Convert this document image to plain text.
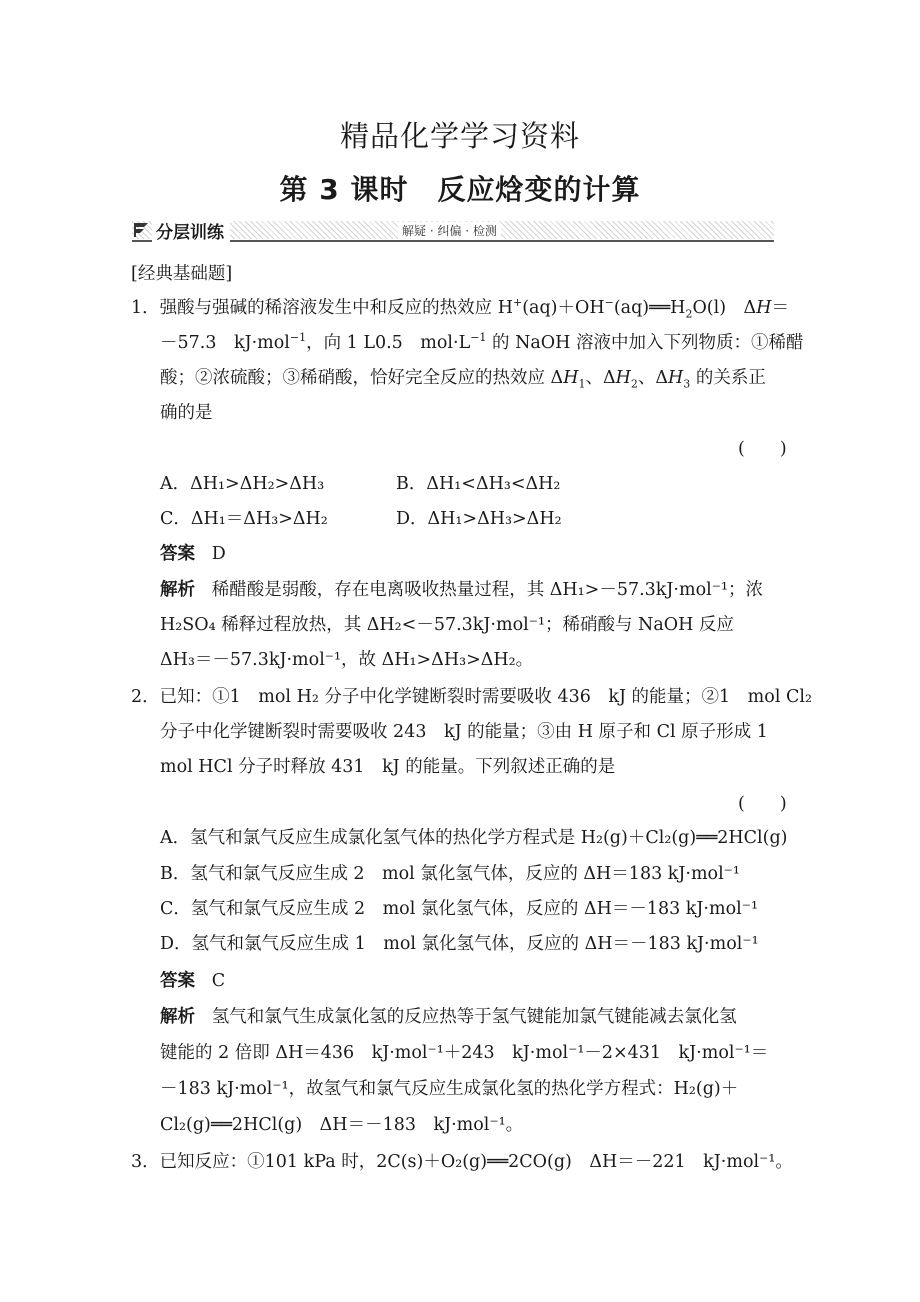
精品化学学习资料
第 3 课时　反应焓变的计算
分层训练	解疑 · 纠偏 · 检测
[经典基础题]
1．强酸与强碱的稀溶液发生中和反应的热效应 $H^+(aq)+OH^-(aq)══H_2O(l)$　ΔH＝
－57.3　kJ·mol$^{-1}$，向 1 L0.5　$mol\cdot L^{-1}$ 的 NaOH 溶液中加入下列物质：①稀醋
酸；②浓硫酸；③稀硝酸，恰好完全反应的热效应 $\Delta H_1$、$\Delta H_2$、$\Delta H_3$ 的关系正
确的是
(　　)
A．ΔH₁>ΔH₂>ΔH₃	B．ΔH₁<ΔH₃<ΔH₂
C．ΔH₁＝ΔH₃>ΔH₂	D．ΔH₁>ΔH₃>ΔH₂
答案 D
解析 稀醋酸是弱酸，存在电离吸收热量过程，其 ΔH₁>－57.3kJ·mol⁻¹；浓
H₂SO₄ 稀释过程放热，其 ΔH₂<－57.3kJ·mol⁻¹；稀硝酸与 NaOH 反应
ΔH₃＝－57.3kJ·mol⁻¹，故 ΔH₁>ΔH₃>ΔH₂。
2．已知：①1　mol H₂ 分子中化学键断裂时需要吸收 436　kJ 的能量；②1　mol Cl₂
分子中化学键断裂时需要吸收 243　kJ 的能量；③由 H 原子和 Cl 原子形成 1
mol HCl 分子时释放 431　kJ 的能量。下列叙述正确的是
(　　)
A．氢气和氯气反应生成氯化氢气体的热化学方程式是 H₂(g)＋Cl₂(g)══2HCl(g)
B．氢气和氯气反应生成 2　mol 氯化氢气体，反应的 ΔH＝183 kJ·mol⁻¹
C．氢气和氯气反应生成 2　mol 氯化氢气体，反应的 ΔH＝－183 kJ·mol⁻¹
D．氢气和氯气反应生成 1　mol 氯化氢气体，反应的 ΔH＝－183 kJ·mol⁻¹
答案 C
解析 氢气和氯气生成氯化氢的反应热等于氢气键能加氯气键能减去氯化氢
键能的 2 倍即 ΔH＝436　kJ·mol⁻¹＋243　kJ·mol⁻¹－2×431　kJ·mol⁻¹＝
－183 kJ·mol⁻¹，故氢气和氯气反应生成氯化氢的热化学方程式：H₂(g)＋
Cl₂(g)══2HCl(g)　ΔH＝－183　kJ·mol⁻¹。
3．已知反应：①101 kPa 时，2C(s)＋O₂(g)══2CO(g)　ΔH＝－221　kJ·mol⁻¹。
